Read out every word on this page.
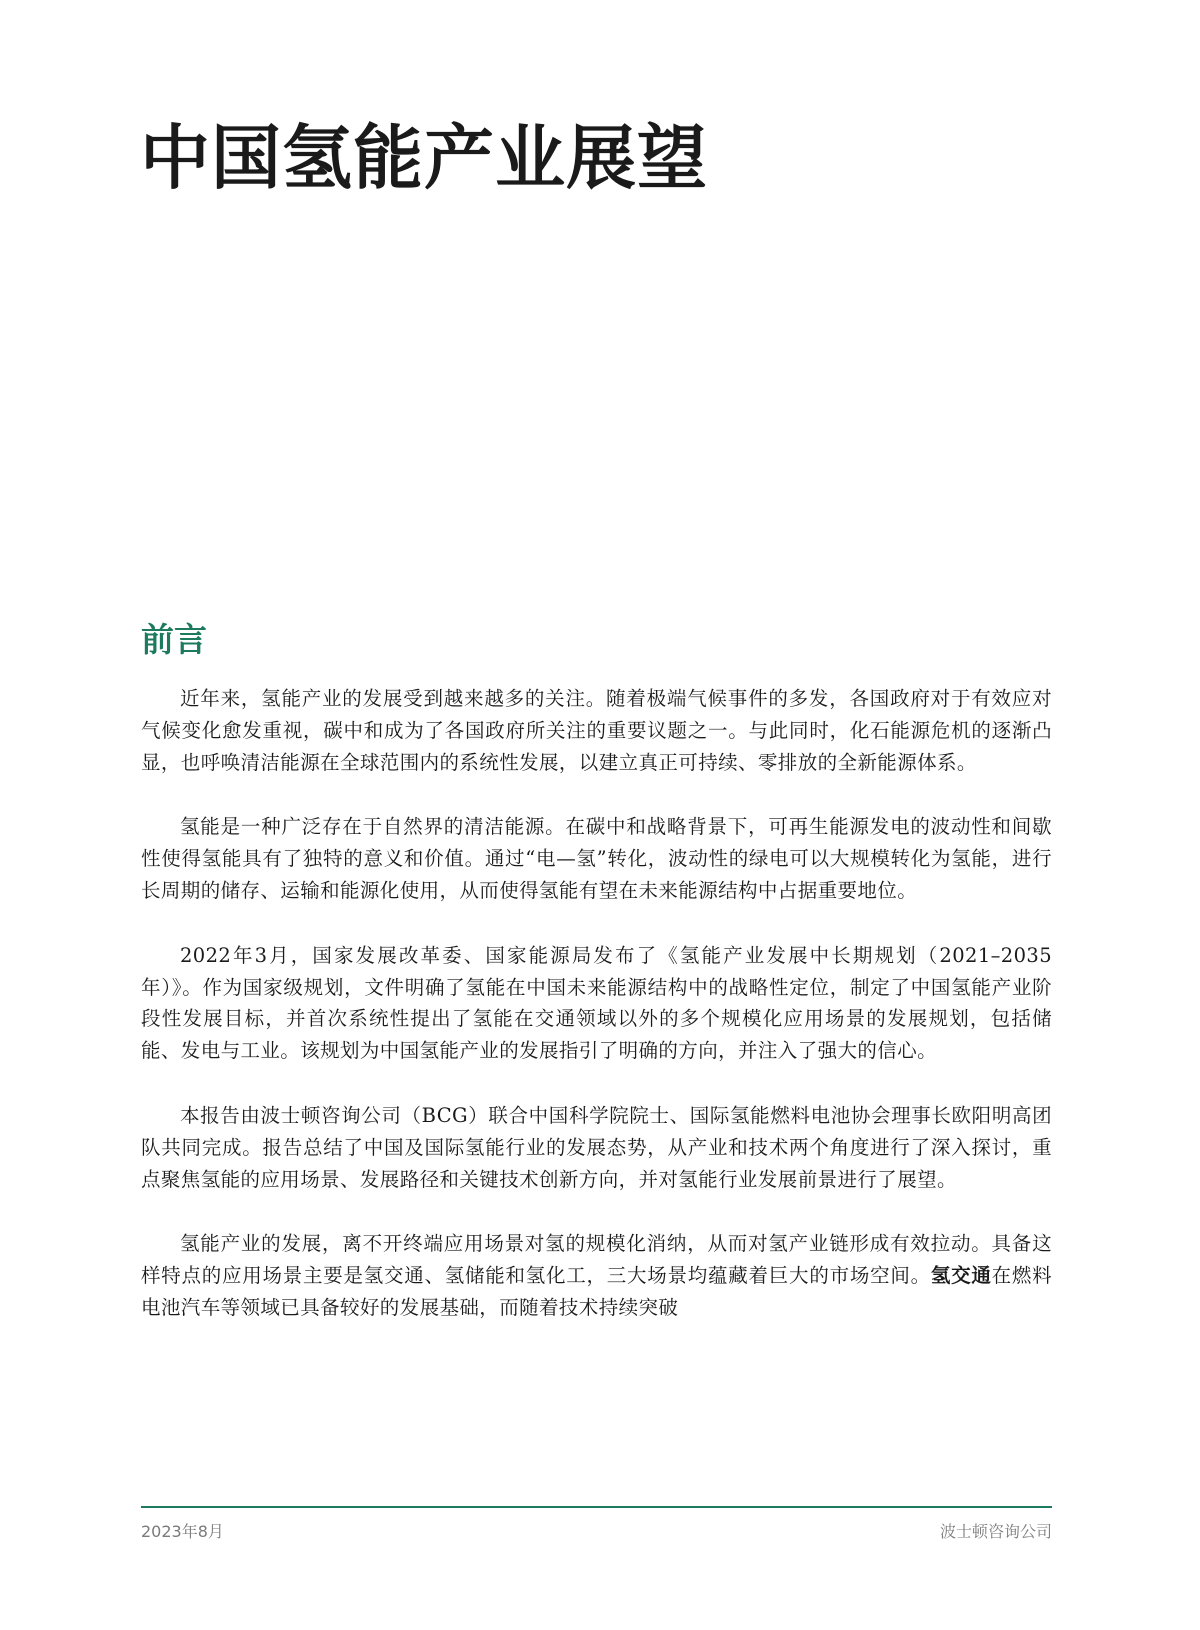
中国氢能产业展望
前言

近年来，氢能产业的发展受到越来越多的关注。随着极端气候事件的多发，各国政府对于有效应对气候变化愈发重视，碳中和成为了各国政府所关注的重要议题之一。与此同时，化石能源危机的逐渐凸显，也呼唤清洁能源在全球范围内的系统性发展，以建立真正可持续、零排放的全新能源体系。

氢能是一种广泛存在于自然界的清洁能源。在碳中和战略背景下，可再生能源发电的波动性和间歇性使得氢能具有了独特的意义和价值。通过“电—氢”转化，波动性的绿电可以大规模转化为氢能，进行长周期的储存、运输和能源化使用，从而使得氢能有望在未来能源结构中占据重要地位。

2022年3月，国家发展改革委、国家能源局发布了《氢能产业发展中长期规划（2021–2035年）》。作为国家级规划，文件明确了氢能在中国未来能源结构中的战略性定位，制定了中国氢能产业阶段性发展目标，并首次系统性提出了氢能在交通领域以外的多个规模化应用场景的发展规划，包括储能、发电与工业。该规划为中国氢能产业的发展指引了明确的方向，并注入了强大的信心。

本报告由波士顿咨询公司（BCG）联合中国科学院院士、国际氢能燃料电池协会理事长欧阳明高团队共同完成。报告总结了中国及国际氢能行业的发展态势，从产业和技术两个角度进行了深入探讨，重点聚焦氢能的应用场景、发展路径和关键技术创新方向，并对氢能行业发展前景进行了展望。

氢能产业的发展，离不开终端应用场景对氢的规模化消纳，从而对氢产业链形成有效拉动。具备这样特点的应用场景主要是氢交通、氢储能和氢化工，三大场景均蕴藏着巨大的市场空间。氢交通在燃料电池汽车等领域已具备较好的发展基础，而随着技术持续突破

2023年8月	波士顿咨询公司
